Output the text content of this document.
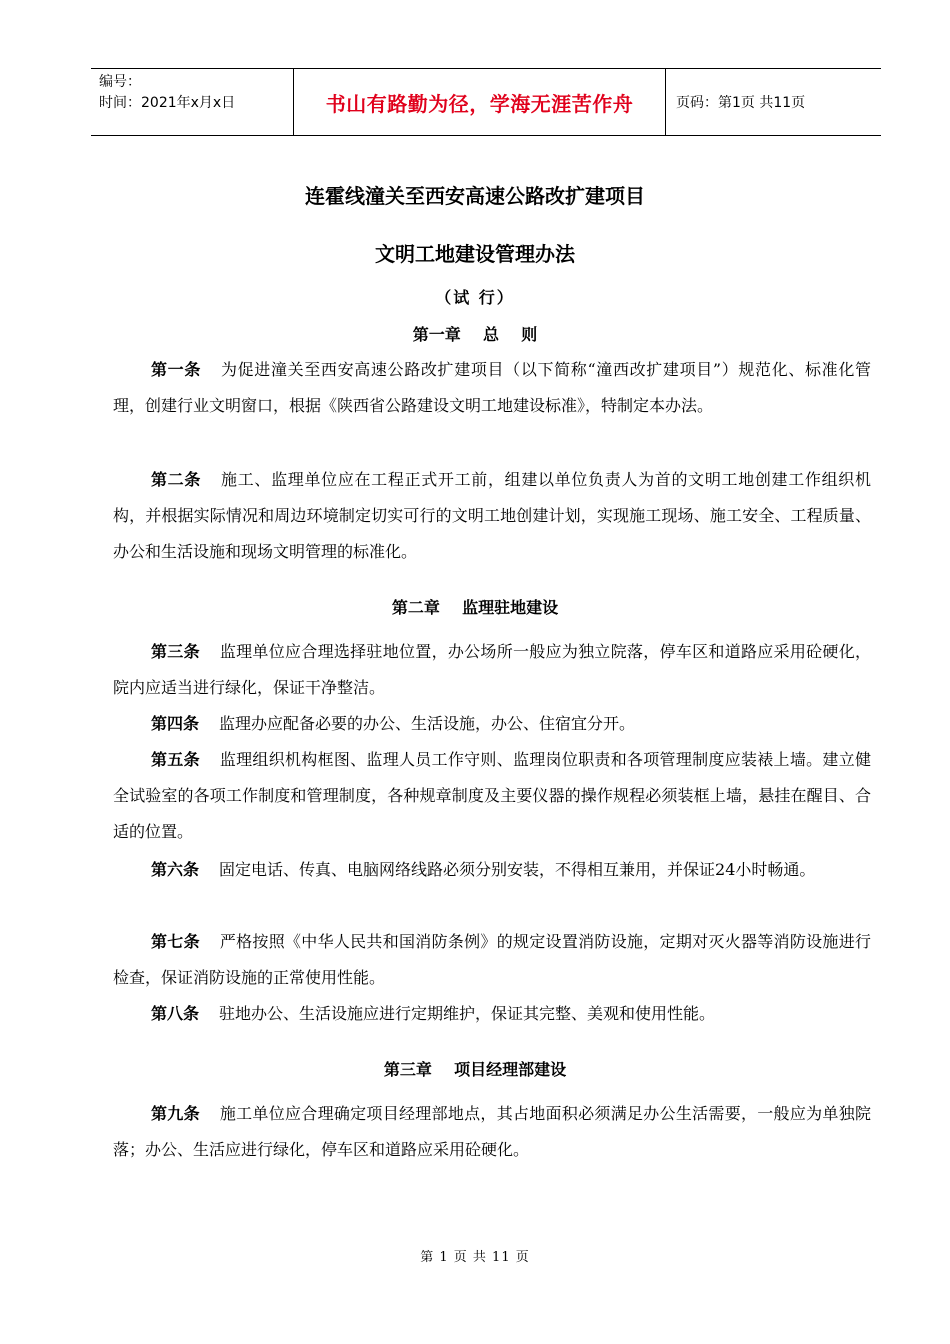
编号：
时间：2021年x月x日	书山有路勤为径，学海无涯苦作舟	页码：第1页 共11页
连霍线潼关至西安高速公路改扩建项目
文明工地建设管理办法
（试 行）
第一章    总    则
第一条 为促进潼关至西安高速公路改扩建项目（以下简称“潼西改扩建项目”）规范化、标准化管理，创建行业文明窗口，根据《陕西省公路建设文明工地建设标准》，特制定本办法。
第二条 施工、监理单位应在工程正式开工前，组建以单位负责人为首的文明工地创建工作组织机构，并根据实际情况和周边环境制定切实可行的文明工地创建计划，实现施工现场、施工安全、工程质量、办公和生活设施和现场文明管理的标准化。
第二章    监理驻地建设
第三条 监理单位应合理选择驻地位置，办公场所一般应为独立院落，停车区和道路应采用砼硬化，院内应适当进行绿化，保证干净整洁。
第四条 监理办应配备必要的办公、生活设施，办公、住宿宜分开。
第五条 监理组织机构框图、监理人员工作守则、监理岗位职责和各项管理制度应装裱上墙。建立健全试验室的各项工作制度和管理制度，各种规章制度及主要仪器的操作规程必须装框上墙，悬挂在醒目、合适的位置。
第六条 固定电话、传真、电脑网络线路必须分别安装，不得相互兼用，并保证24小时畅通。
第七条 严格按照《中华人民共和国消防条例》的规定设置消防设施，定期对灭火器等消防设施进行检查，保证消防设施的正常使用性能。
第八条 驻地办公、生活设施应进行定期维护，保证其完整、美观和使用性能。
第三章    项目经理部建设
第九条 施工单位应合理确定项目经理部地点，其占地面积必须满足办公生活需要，一般应为单独院落；办公、生活应进行绿化，停车区和道路应采用砼硬化。
第 1 页 共 11 页
